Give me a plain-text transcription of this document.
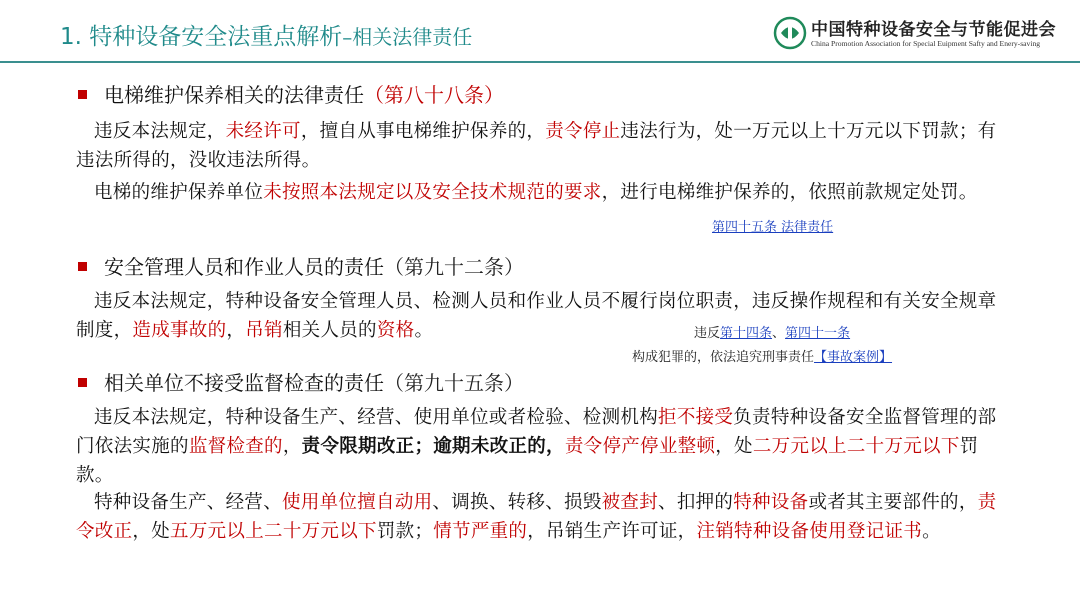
1. 特种设备安全法重点解析–相关法律责任	中国特种设备安全与节能促进会
China Promotion Association for Special Euipment Safty and Enery-saving
电梯维护保养相关的法律责任（第八十八条）
违反本法规定，未经许可，擅自从事电梯维护保养的，责令停止违法行为，处一万元以上十万元以下罚款；有违法所得的，没收违法所得。
电梯的维护保养单位未按照本法规定以及安全技术规范的要求，进行电梯维护保养的，依照前款规定处罚。
第四十五条 法律责任
安全管理人员和作业人员的责任（第九十二条）
违反本法规定，特种设备安全管理人员、检测人员和作业人员不履行岗位职责，违反操作规程和有关安全规章制度，造成事故的，吊销相关人员的资格。	违反第十四条、第四十一条
构成犯罪的，依法追究刑事责任【事故案例】
相关单位不接受监督检查的责任（第九十五条）
违反本法规定，特种设备生产、经营、使用单位或者检验、检测机构拒不接受负责特种设备安全监督管理的部门依法实施的监督检查的，责令限期改正；逾期未改正的，责令停产停业整顿，处二万元以上二十万元以下罚款。
特种设备生产、经营、使用单位擅自动用、调换、转移、损毁被查封、扣押的特种设备或者其主要部件的，责令改正，处五万元以上二十万元以下罚款；情节严重的，吊销生产许可证，注销特种设备使用登记证书。
